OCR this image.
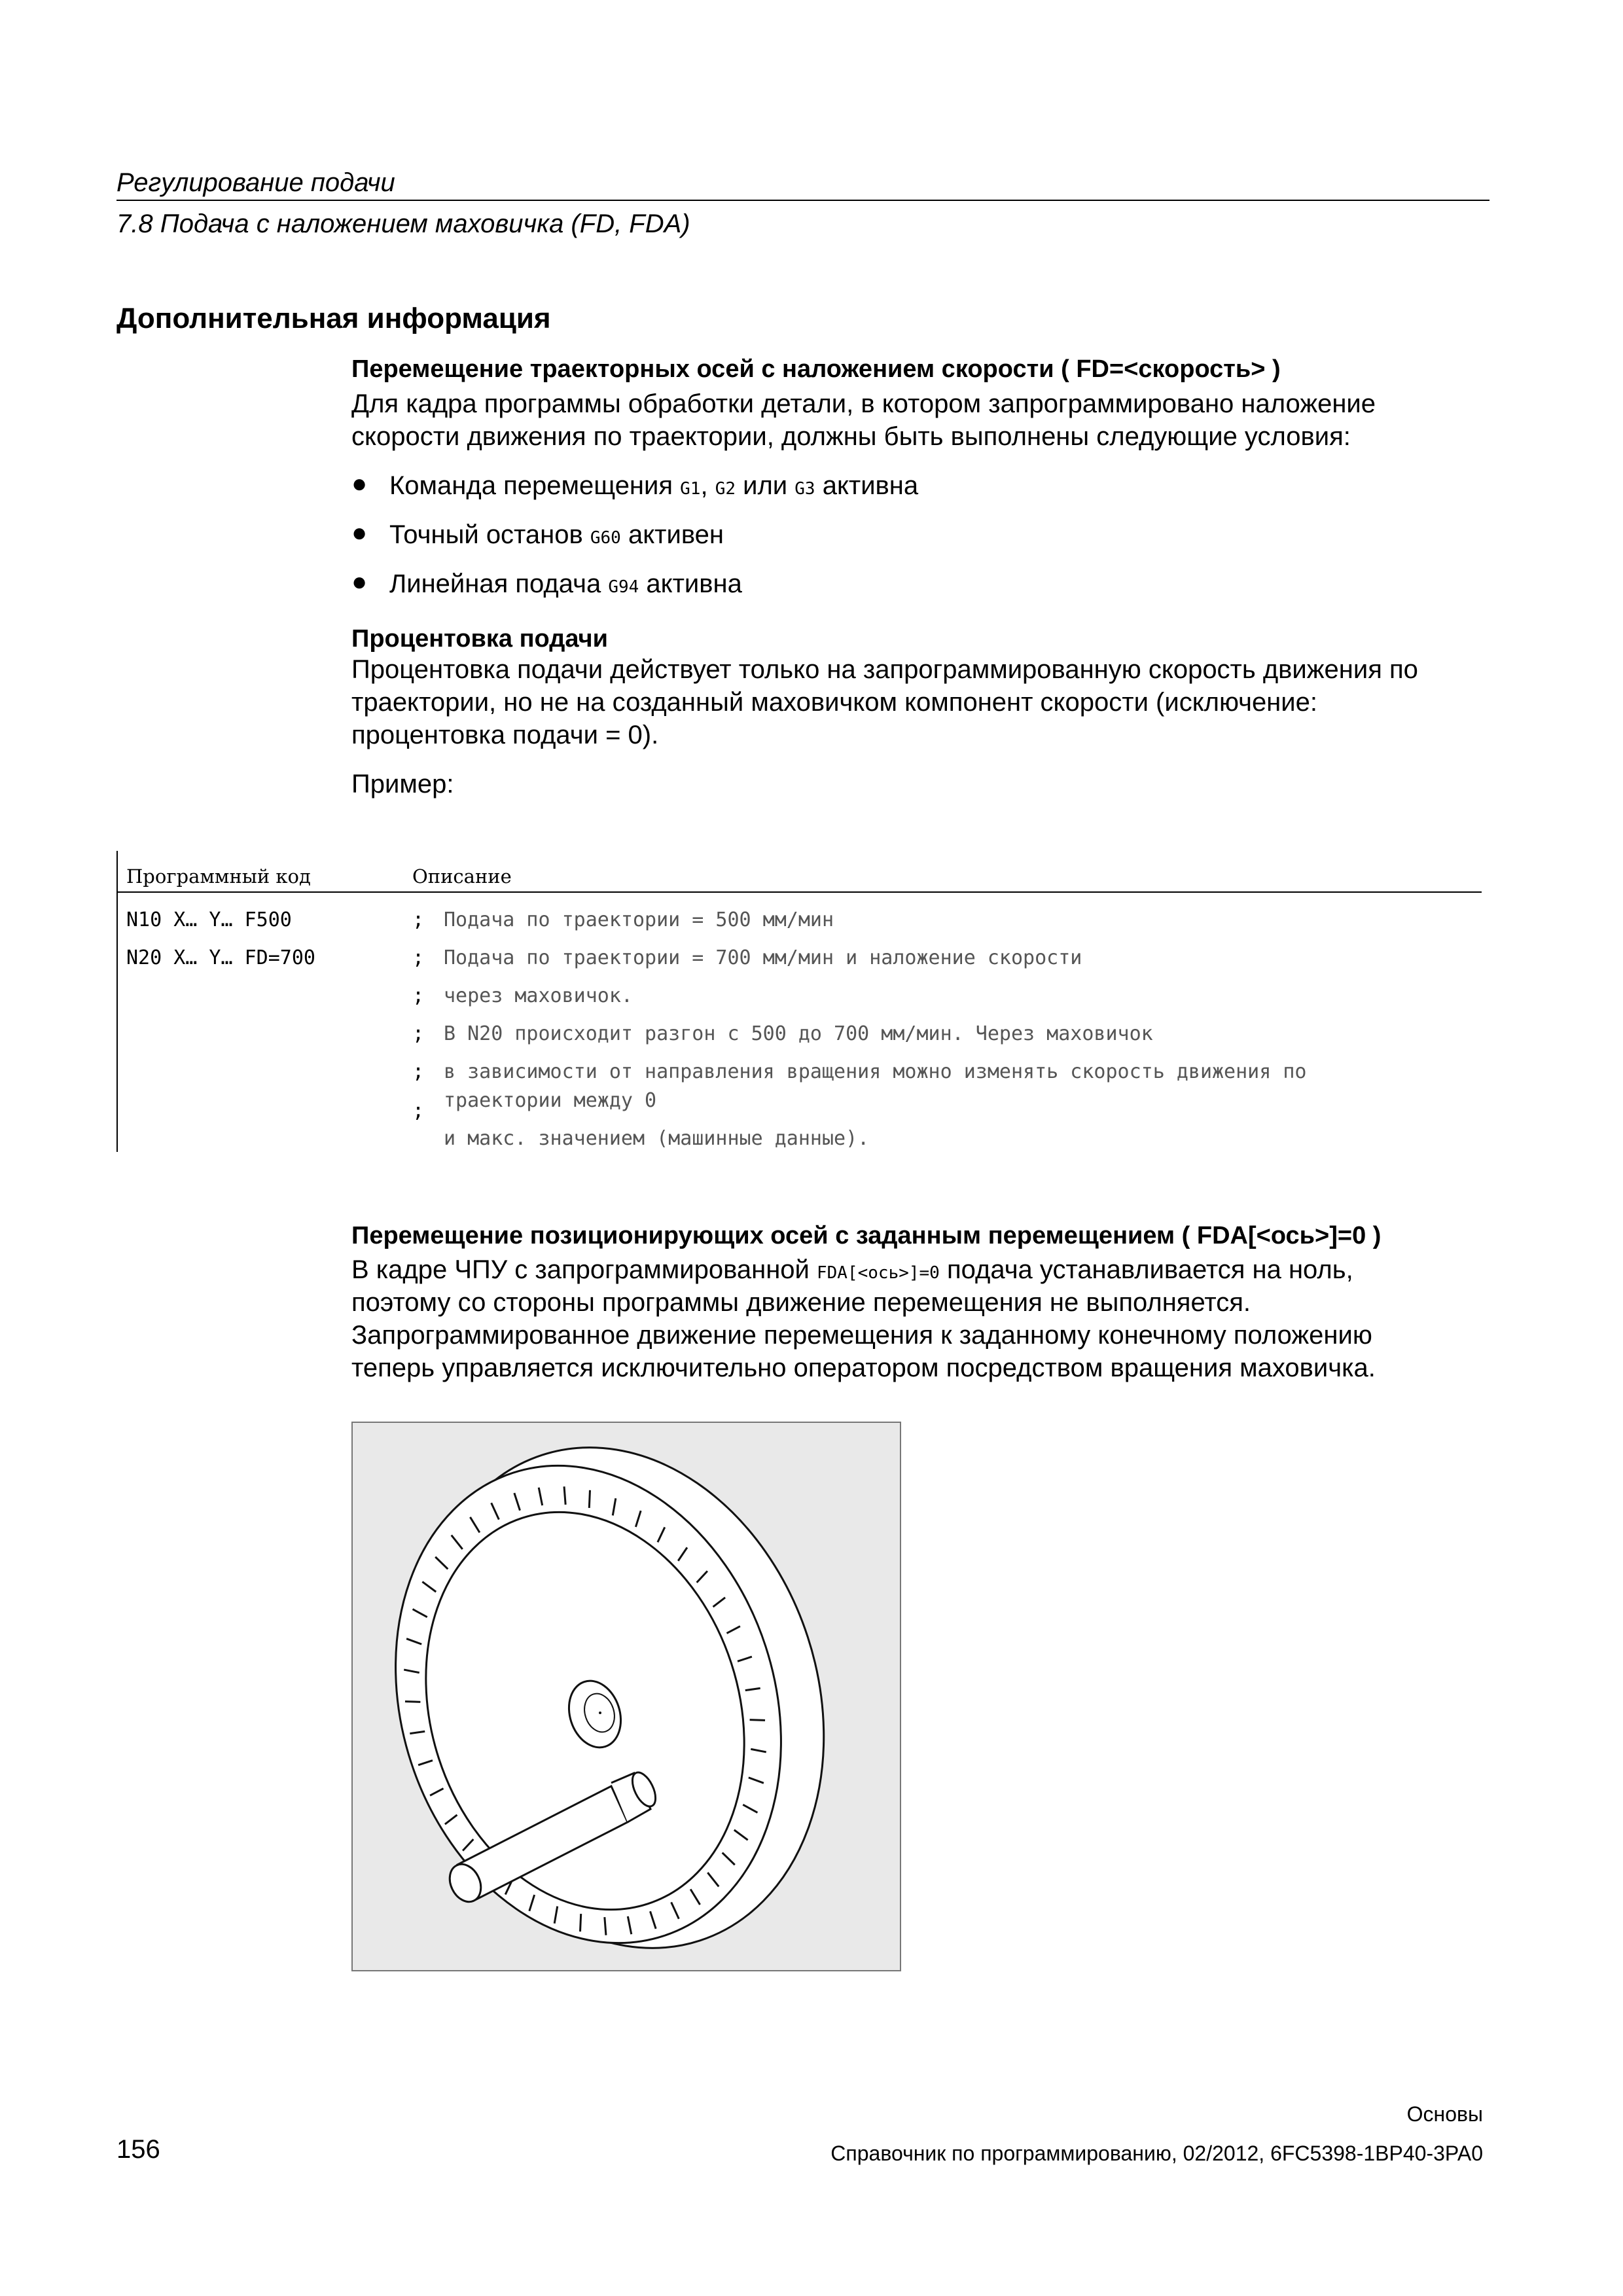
Регулирование подачи
7.8 Подача с наложением маховичка (FD, FDA)
Дополнительная информация
Перемещение траекторных осей с наложением скорости ( FD=<скорость> )
Для кадра программы обработки детали, в котором запрограммировано наложение
скорости движения по траектории, должны быть выполнены следующие условия:
● Команда перемещения G1, G2 или G3 активна
● Точный останов G60 активен
● Линейная подача G94 активна
Процентовка подачи
Процентовка подачи действует только на запрограммированную скорость движения по
траектории, но не на созданный маховичком компонент скорости (исключение:
процентовка подачи = 0).
Пример:
Программный код	Описание
N10 X… Y… F500	; Подача по траектории = 500 мм/мин
N20 X… Y… FD=700	; Подача по траектории = 700 мм/мин и наложение скорости
; через маховичок.
; В N20 происходит разгон с 500 до 700 мм/мин. Через маховичок
; в зависимости от направления вращения можно изменять скорость движения по
; траектории между 0
и макс. значением (машинные данные).
Перемещение позиционирующих осей с заданным перемещением ( FDA[<ось>]=0 )
В кадре ЧПУ с запрограммированной FDA[<ось>]=0 подача устанавливается на ноль,
поэтому со стороны программы движение перемещения не выполняется.
Запрограммированное движение перемещения к заданному конечному положению
теперь управляется исключительно оператором посредством вращения маховичка.
Основы
156	Справочник по программированию, 02/2012, 6FC5398-1BP40-3PA0
